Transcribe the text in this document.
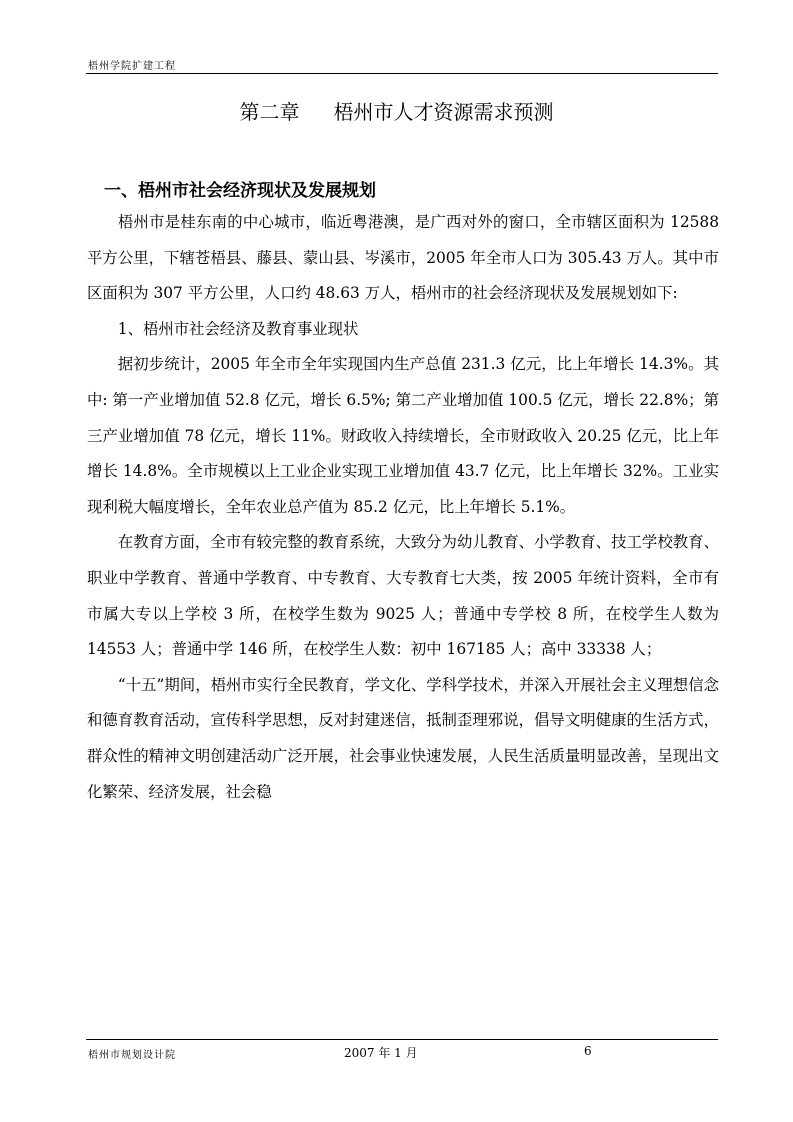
梧州学院扩建工程
第二章 梧州市人才资源需求预测
一、梧州市社会经济现状及发展规划

梧州市是桂东南的中心城市，临近粤港澳，是广西对外的窗口，全市辖区面积为 12588 平方公里，下辖苍梧县、藤县、蒙山县、岑溪市，2005 年全市人口为 305.43 万人。其中市区面积为 307 平方公里，人口约 48.63 万人，梧州市的社会经济现状及发展规划如下:

1、梧州市社会经济及教育事业现状

据初步统计，2005 年全市全年实现国内生产总值 231.3 亿元，比上年增长 14.3%。其中: 第一产业增加值 52.8 亿元，增长 6.5%; 第二产业增加值 100.5 亿元，增长 22.8%；第三产业增加值 78 亿元，增长 11%。财政收入持续增长，全市财政收入 20.25 亿元，比上年增长 14.8%。全市规模以上工业企业实现工业增加值 43.7 亿元，比上年增长 32%。工业实现利税大幅度增长，全年农业总产值为 85.2 亿元，比上年增长 5.1%。

在教育方面，全市有较完整的教育系统，大致分为幼儿教育、小学教育、技工学校教育、职业中学教育、普通中学教育、中专教育、大专教育七大类，按 2005 年统计资料，全市有市属大专以上学校 3 所，在校学生数为 9025 人；普通中专学校 8 所，在校学生人数为 14553 人；普通中学 146 所，在校学生人数：初中 167185 人；高中 33338 人；

“十五”期间，梧州市实行全民教育，学文化、学科学技术，并深入开展社会主义理想信念和德育教育活动，宣传科学思想，反对封建迷信，抵制歪理邪说，倡导文明健康的生活方式，群众性的精神文明创建活动广泛开展，社会事业快速发展，人民生活质量明显改善，呈现出文化繁荣、经济发展，社会稳

梧州市规划设计院	2007 年 1 月	6
